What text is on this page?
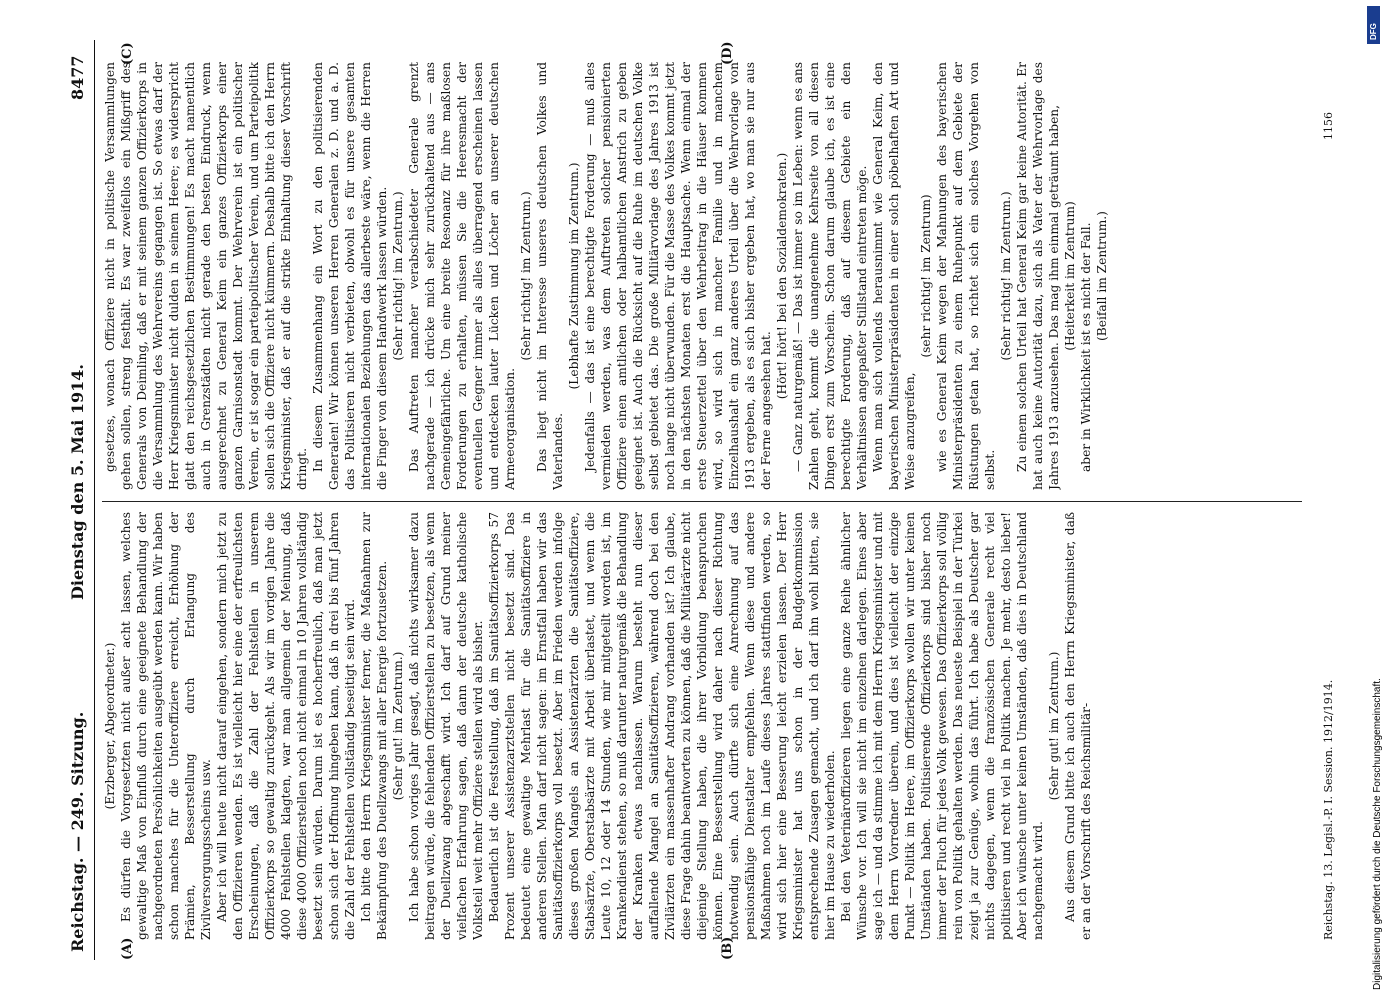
Reichstag. — 249. Sitzung.
Dienstag den 5. Mai 1914.
8477
(A)	(B)
(C)	(D)

(Erzberger, Abgeordneter.) Es dürfen die Vorgesetzten nicht außer acht lassen, welches gewaltige Maß von Einfluß durch eine geeignete Behandlung der nachgeordneten Persönlichkeiten ausgeübt werden kann. Wir haben schon manches für die Unteroffiziere erreicht, Erhöhung der Prämien, Besserstellung durch Erlangung des Zivilversorgungsscheins usw. Aber ich will heute nicht darauf eingehen, sondern mich jetzt zu den Offizieren wenden. Es ist vielleicht hier eine der erfreulichsten Erscheinungen, daß die Zahl der Fehlstellen in unserem Offizierkorps so gewaltig zurückgeht. Als wir im vorigen Jahre die 4000 Fehlstellen klagten, war man allgemein der Meinung, daß diese 4000 Offizierstellen noch nicht einmal in 10 Jahren vollständig besetzt sein würden. Darum ist es hocherfreulich, daß man jetzt schon sich der Hoffnung hingeben kann, daß in drei bis fünf Jahren die Zahl der Fehlstellen vollständig beseitigt sein wird. Ich bitte den Herrn Kriegsminister ferner, die Maßnahmen zur Bekämpfung des Duellzwangs mit aller Energie fortzusetzen. (Sehr gut! im Zentrum.) Ich habe schon voriges Jahr gesagt, daß nichts wirksamer dazu beitragen würde, die fehlenden Offizierstellen zu besetzen, als wenn der Duellzwang abgeschafft wird. Ich darf auf Grund meiner vielfachen Erfahrung sagen, daß dann der deutsche katholische Volksteil weit mehr Offiziere stellen wird als bisher. Bedauerlich ist die Feststellung, daß im Sanitätsoffizierkorps 57 Prozent unserer Assistenzarztstellen nicht besetzt sind. Das bedeutet eine gewaltige Mehrlast für die Sanitätsoffiziere in anderen Stellen. Man darf nicht sagen: im Ernstfall haben wir das Sanitätsoffizierkorps voll besetzt. Aber im Frieden werden infolge dieses großen Mangels an Assistenzärzten die Sanitätsoffiziere, Stabsärzte, Oberstabsärzte mit Arbeit überlastet, und wenn die Leute 10, 12 oder 14 Stunden, wie mir mitgeteilt worden ist, im Krankendienst stehen, so muß darunter naturgemäß die Behandlung der Kranken etwas nachlassen. Warum besteht nun dieser auffallende Mangel an Sanitätsoffizieren, während doch bei den Zivilärzten ein massenhafter Andrang vorhanden ist? Ich glaube, diese Frage dahin beantworten zu können, daß die Militärärzte nicht diejenige Stellung haben, die ihrer Vorbildung beanspruchen können. Eine Besserstellung wird daher nach dieser Richtung notwendig sein. Auch dürfte sich eine Anrechnung auf das pensionsfähige Dienstalter empfehlen. Wenn diese und andere Maßnahmen noch im Laufe dieses Jahres stattfinden werden, so wird sich hier eine Besserung leicht erzielen lassen. Der Herr Kriegsminister hat uns schon in der Budgetkommission entsprechende Zusagen gemacht, und ich darf ihn wohl bitten, sie hier im Hause zu wiederholen. Bei den Veterinäroffizieren liegen eine ganze Reihe ähnlicher Wünsche vor. Ich will sie nicht im einzelnen darlegen. Eines aber sage ich — und da stimme ich mit dem Herrn Kriegsminister und mit dem Herrn Vorredner überein, und dies ist vielleicht der einzige Punkt — Politik im Heere, im Offizierkorps wollen wir unter keinen Umständen haben. Politisierende Offizierkorps sind bisher noch immer der Fluch für jedes Volk gewesen. Das Offizierkorps soll völlig rein von Politik gehalten werden. Das neueste Beispiel in der Türkei zeigt ja zur Genüge, wohin das führt. Ich habe als Deutscher gar nichts dagegen, wenn die französischen Generale recht viel politisieren und recht viel in Politik machen. Je mehr, desto lieber! Aber ich wünsche unter keinen Umständen, daß dies in Deutschland nachgemacht wird.

(Sehr gut! im Zentrum.) Aus diesem Grund bitte ich auch den Herrn Kriegsminister, daß er an der Vorschrift des Reichsmilitär-

gesetzes, wonach Offiziere nicht in politische Versammlungen gehen sollen, streng festhält. Es war zweifellos ein Mißgriff des Generals von Deimling, daß er mit seinem ganzen Offizierkorps in die Versammlung des Wehrvereins gegangen ist. So etwas darf der Herr Kriegsminister nicht dulden in seinem Heere; es widerspricht glatt den reichsgesetzlichen Bestimmungen! Es macht namentlich auch in Grenzstädten nicht gerade den besten Eindruck, wenn ausgerechnet zu General Keim ein ganzes Offizierkorps einer ganzen Garnisonstadt kommt. Der Wehrverein ist ein politischer Verein, er ist sogar ein parteipolitischer Verein, und um Parteipolitik sollen sich die Offiziere nicht kümmern. Deshalb bitte ich den Herrn Kriegsminister, daß er auf die strikte Einhaltung dieser Vorschrift dringt. In diesem Zusammenhang ein Wort zu den politisierenden Generalen! Wir können unseren Herren Generalen z. D. und a. D. das Politisieren nicht verbieten, obwohl es für unsere gesamten internationalen Beziehungen das allerbeste wäre, wenn die Herren die Finger von diesem Handwerk lassen würden. (Sehr richtig! im Zentrum.) Das Auftreten mancher verabschiedeter Generale grenzt nachgerade — ich drücke mich sehr zurückhaltend aus — ans Gemeingefährliche. Um eine breite Resonanz für ihre maßlosen Forderungen zu erhalten, müssen Sie die Heeresmacht der eventuellen Gegner immer als alles überragend erscheinen lassen und entdecken lauter Lücken und Löcher an unserer deutschen Armeeorganisation.

(Sehr richtig! im Zentrum.) Das liegt nicht im Interesse unseres deutschen Volkes und Vaterlandes.

(Lebhafte Zustimmung im Zentrum.) Jedenfalls — das ist eine berechtigte Forderung — muß alles vermieden werden, was dem Auftreten solcher pensionierten Offiziere einen amtlichen oder halbamtlichen Anstrich zu geben geeignet ist. Auch die Rücksicht auf die Ruhe im deutschen Volke selbst gebietet das. Die große Militärvorlage des Jahres 1913 ist noch lange nicht überwunden. Für die Masse des Volkes kommt jetzt in den nächsten Monaten erst die Hauptsache. Wenn einmal der erste Steuerzettel über den Wehrbeitrag in die Häuser kommen wird, so wird sich in mancher Familie und in manchem Einzelhaushalt ein ganz anderes Urteil über die Wehrvorlage von 1913 ergeben, als es sich bisher ergeben hat, wo man sie nur aus der Ferne angesehen hat.

(Hört! hört! bei den Sozialdemokraten.) — Ganz naturgemäß! — Das ist immer so im Leben: wenn es ans Zahlen geht, kommt die unangenehme Kehrseite von all diesen Dingen erst zum Vorschein. Schon darum glaube ich, es ist eine berechtigte Forderung, daß auf diesem Gebiete ein den Verhältnissen angepaßter Stillstand eintreten möge. Wenn man sich vollends herausnimmt wie General Keim, den bayerischen Ministerpräsidenten in einer solch pöbelhaften Art und Weise anzugreifen,

(sehr richtig! im Zentrum) wie es General Keim wegen der Mahnungen des bayerischen Ministerpräsidenten zu einem Ruhepunkt auf dem Gebiete der Rüstungen getan hat, so richtet sich ein solches Vorgehen von selbst.

(Sehr richtig! im Zentrum.) Zu einem solchen Urteil hat General Keim gar keine Autorität. Er hat auch keine Autorität dazu, sich als Vater der Wehrvorlage des Jahres 1913 anzusehen. Das mag ihm einmal geträumt haben, (Heiterkeit im Zentrum) aber in Wirklichkeit ist es nicht der Fall. (Beifall im Zentrum.)

Reichstag. 13. Legisl.-P. I. Session. 1912/1914.
1156
DFG
Digitalisierung gefördert durch die Deutsche Forschungsgemeinschaft.
